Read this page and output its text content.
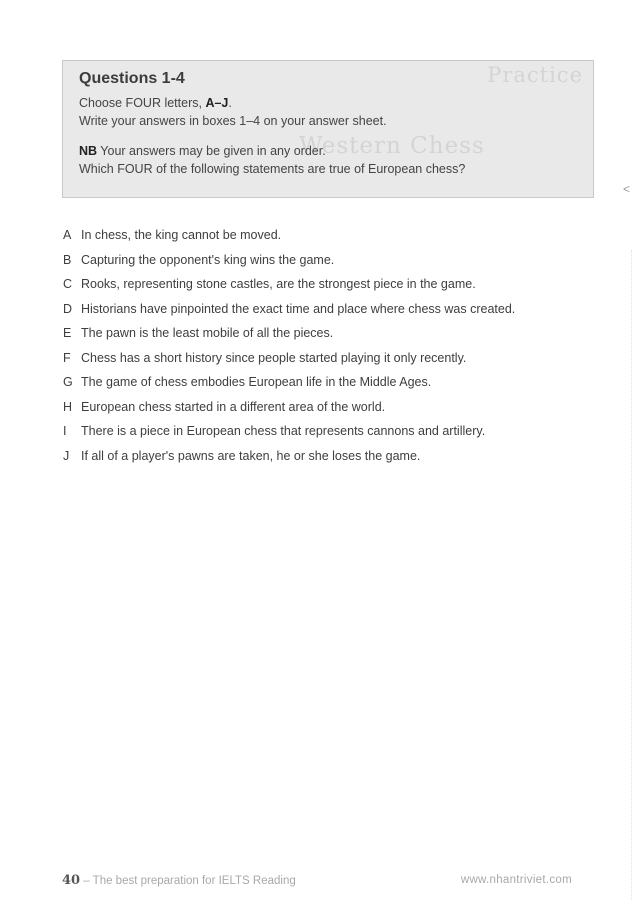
Practice
Western Chess
Questions 1-4

Choose FOUR letters, A–J.

Write your answers in boxes 1–4 on your answer sheet.

NB Your answers may be given in any order.

Which FOUR of the following statements are true of European chess?

<
A In chess, the king cannot be moved.
B Capturing the opponent's king wins the game.
C Rooks, representing stone castles, are the strongest piece in the game.
D Historians have pinpointed the exact time and place where chess was created.
E The pawn is the least mobile of all the pieces.
F Chess has a short history since people started playing it only recently.
G The game of chess embodies European life in the Middle Ages.
H European chess started in a different area of the world.
I	There is a piece in European chess that represents cannons and artillery.
J If all of a player's pawns are taken, he or she loses the game.
40 – The best preparation for IELTS Reading	www.nhantriviet.com
